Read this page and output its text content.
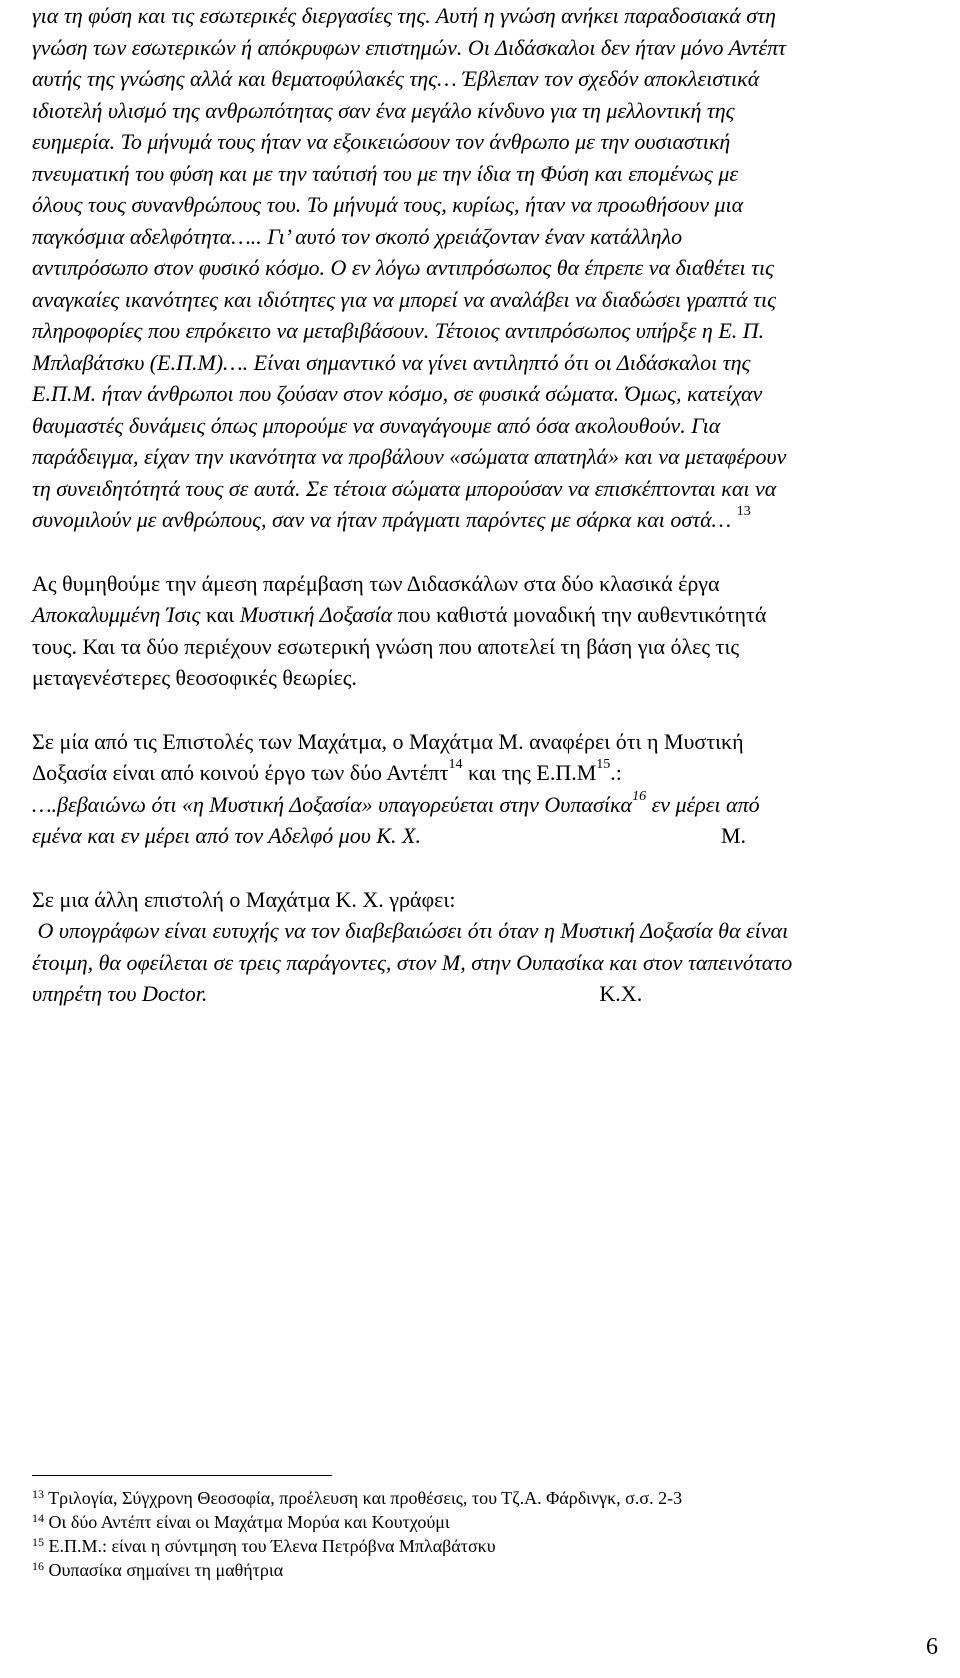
για τη φύση και τις εσωτερικές διεργασίες της. Αυτή η γνώση ανήκει παραδοσιακά στη
γνώση των εσωτερικών ή απόκρυφων επιστημών. Οι Διδάσκαλοι δεν ήταν μόνο Αντέπτ
αυτής της γνώσης αλλά και θεματοφύλακές της… Έβλεπαν τον σχεδόν αποκλειστικά
ιδιοτελή υλισμό της ανθρωπότητας σαν ένα μεγάλο κίνδυνο για τη μελλοντική της
ευημερία. Το μήνυμά τους ήταν να εξοικειώσουν τον άνθρωπο με την ουσιαστική
πνευματική του φύση και με την ταύτισή του με την ίδια τη Φύση και επομένως με
όλους τους συνανθρώπους του. Το μήνυμά τους, κυρίως, ήταν να προωθήσουν μια
παγκόσμια αδελφότητα….. Γι’ αυτό τον σκοπό χρειάζονταν έναν κατάλληλο
αντιπρόσωπο στον φυσικό κόσμο. Ο εν λόγω αντιπρόσωπος θα έπρεπε να διαθέτει τις
αναγκαίες ικανότητες και ιδιότητες για να μπορεί να αναλάβει να διαδώσει γραπτά τις
πληροφορίες που επρόκειτο να μεταβιβάσουν. Τέτοιος αντιπρόσωπος υπήρξε η Ε. Π.
Μπλαβάτσκυ (Ε.Π.Μ)…. Είναι σημαντικό να γίνει αντιληπτό ότι οι Διδάσκαλοι της
Ε.Π.Μ. ήταν άνθρωποι που ζούσαν στον κόσμο, σε φυσικά σώματα. Όμως, κατείχαν
θαυμαστές δυνάμεις όπως μπορούμε να συναγάγουμε από όσα ακολουθούν. Για
παράδειγμα, είχαν την ικανότητα να προβάλουν «σώματα απατηλά» και να μεταφέρουν
τη συνειδητότητά τους σε αυτά. Σε τέτοια σώματα μπορούσαν να επισκέπτονται και να
συνομιλούν με ανθρώπους, σαν να ήταν πράγματι παρόντες με σάρκα και οστά… $^{13}$
Ας θυμηθούμε την άμεση παρέμβαση των Διδασκάλων στα δύο κλασικά έργα
Αποκαλυμμένη Ίσις και Μυστική Δοξασία που καθιστά μοναδική την αυθεντικότητά
τους. Και τα δύο περιέχουν εσωτερική γνώση που αποτελεί τη βάση για όλες τις
μεταγενέστερες θεοσοφικές θεωρίες.
Σε μία από τις Επιστολές των Μαχάτμα, ο Μαχάτμα Μ. αναφέρει ότι η Μυστική
Δοξασία είναι από κοινού έργο των δύο Αντέπτ$^{14}$ και της $E.\Pi.M^{15}$.:
….βεβαιώνω ότι «η Μυστική Δοξασία» υπαγορεύεται στην Ουπασίκα$^{16}$ εν μέρει από
εμένα και εν μέρει από τον Αδελφό μου Κ. Χ.	Μ.
Σε μια άλλη επιστολή ο Μαχάτμα Κ. Χ. γράφει:
Ο υπογράφων είναι ευτυχής να τον διαβεβαιώσει ότι όταν η Μυστική Δοξασία θα είναι
έτοιμη, θα οφείλεται σε τρεις παράγοντες, στον Μ, στην Ουπασίκα και στον ταπεινότατο
υπηρέτη του Doctor.	Κ.Χ.
$^{13}$ Τριλογία, Σύγχρονη Θεοσοφία, προέλευση και προθέσεις, του Τζ.Α. Φάρδινγκ, σ.σ. 2-3
$^{14}$ Οι δύο Αντέπτ είναι οι Μαχάτμα Μορύα και Κουτχούμι
$^{15}$ Ε.Π.Μ.: είναι η σύντμηση του Έλενα Πετρόβνα Μπλαβάτσκυ
$^{16}$ Ουπασίκα σημαίνει τη μαθήτρια
6
